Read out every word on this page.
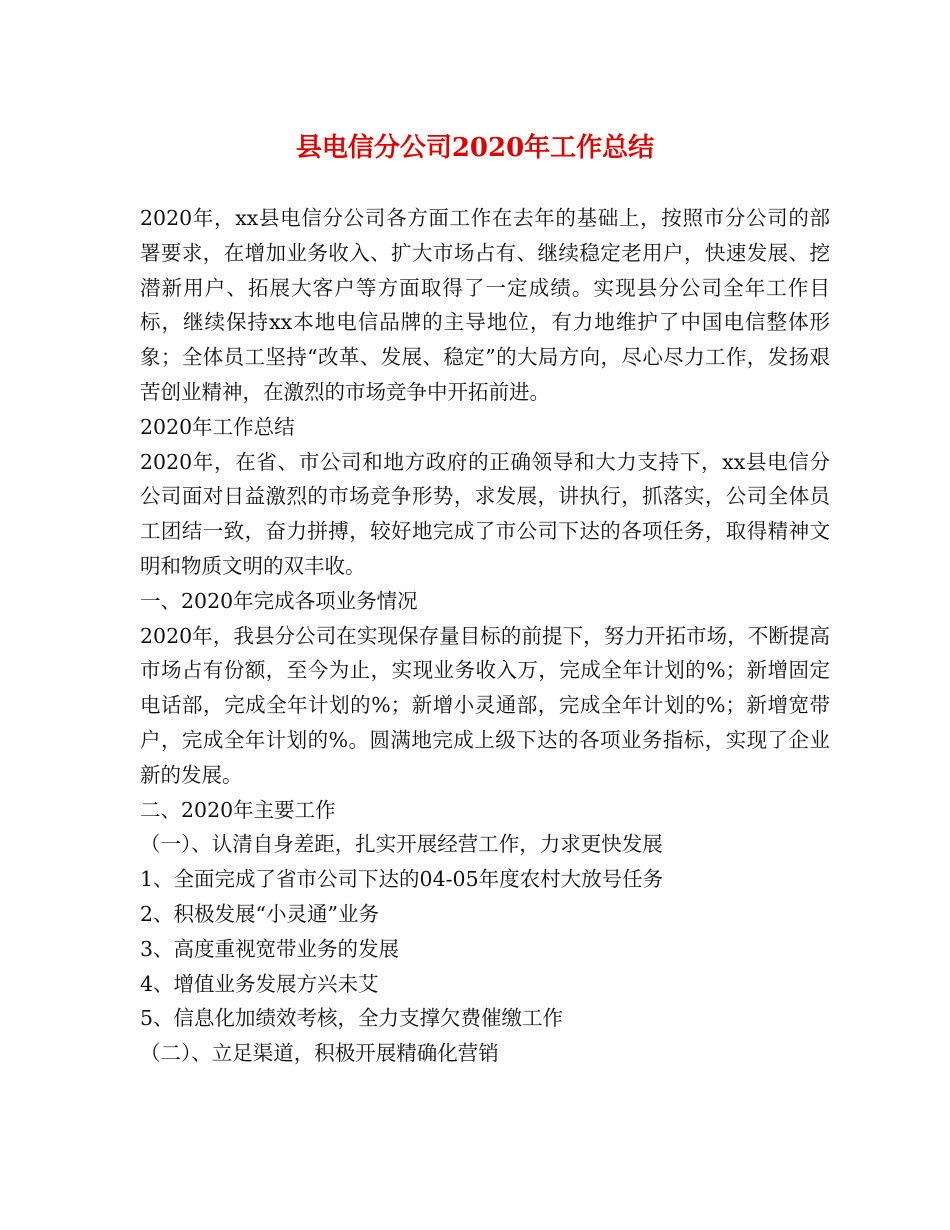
县电信分公司2020年工作总结

2020年，xx县电信分公司各方面工作在去年的基础上，按照市分公司的部署要求，在增加业务收入、扩大市场占有、继续稳定老用户，快速发展、挖潜新用户、拓展大客户等方面取得了一定成绩。实现县分公司全年工作目标，继续保持xx本地电信品牌的主导地位，有力地维护了中国电信整体形象；全体员工坚持“改革、发展、稳定”的大局方向，尽心尽力工作，发扬艰苦创业精神，在激烈的市场竞争中开拓前进。

2020年工作总结

2020年，在省、市公司和地方政府的正确领导和大力支持下，xx县电信分公司面对日益激烈的市场竞争形势，求发展，讲执行，抓落实，公司全体员工团结一致，奋力拼搏，较好地完成了市公司下达的各项任务，取得精神文明和物质文明的双丰收。

一、2020年完成各项业务情况

2020年，我县分公司在实现保存量目标的前提下，努力开拓市场，不断提高市场占有份额，至今为止，实现业务收入万，完成全年计划的%；新增固定电话部，完成全年计划的%；新增小灵通部，完成全年计划的%；新增宽带户，完成全年计划的%。圆满地完成上级下达的各项业务指标，实现了企业新的发展。

二、2020年主要工作

（一）、认清自身差距，扎实开展经营工作，力求更快发展

1、全面完成了省市公司下达的04-05年度农村大放号任务

2、积极发展“小灵通”业务

3、高度重视宽带业务的发展

4、增值业务发展方兴未艾

5、信息化加绩效考核，全力支撑欠费催缴工作

（二）、立足渠道，积极开展精确化营销
